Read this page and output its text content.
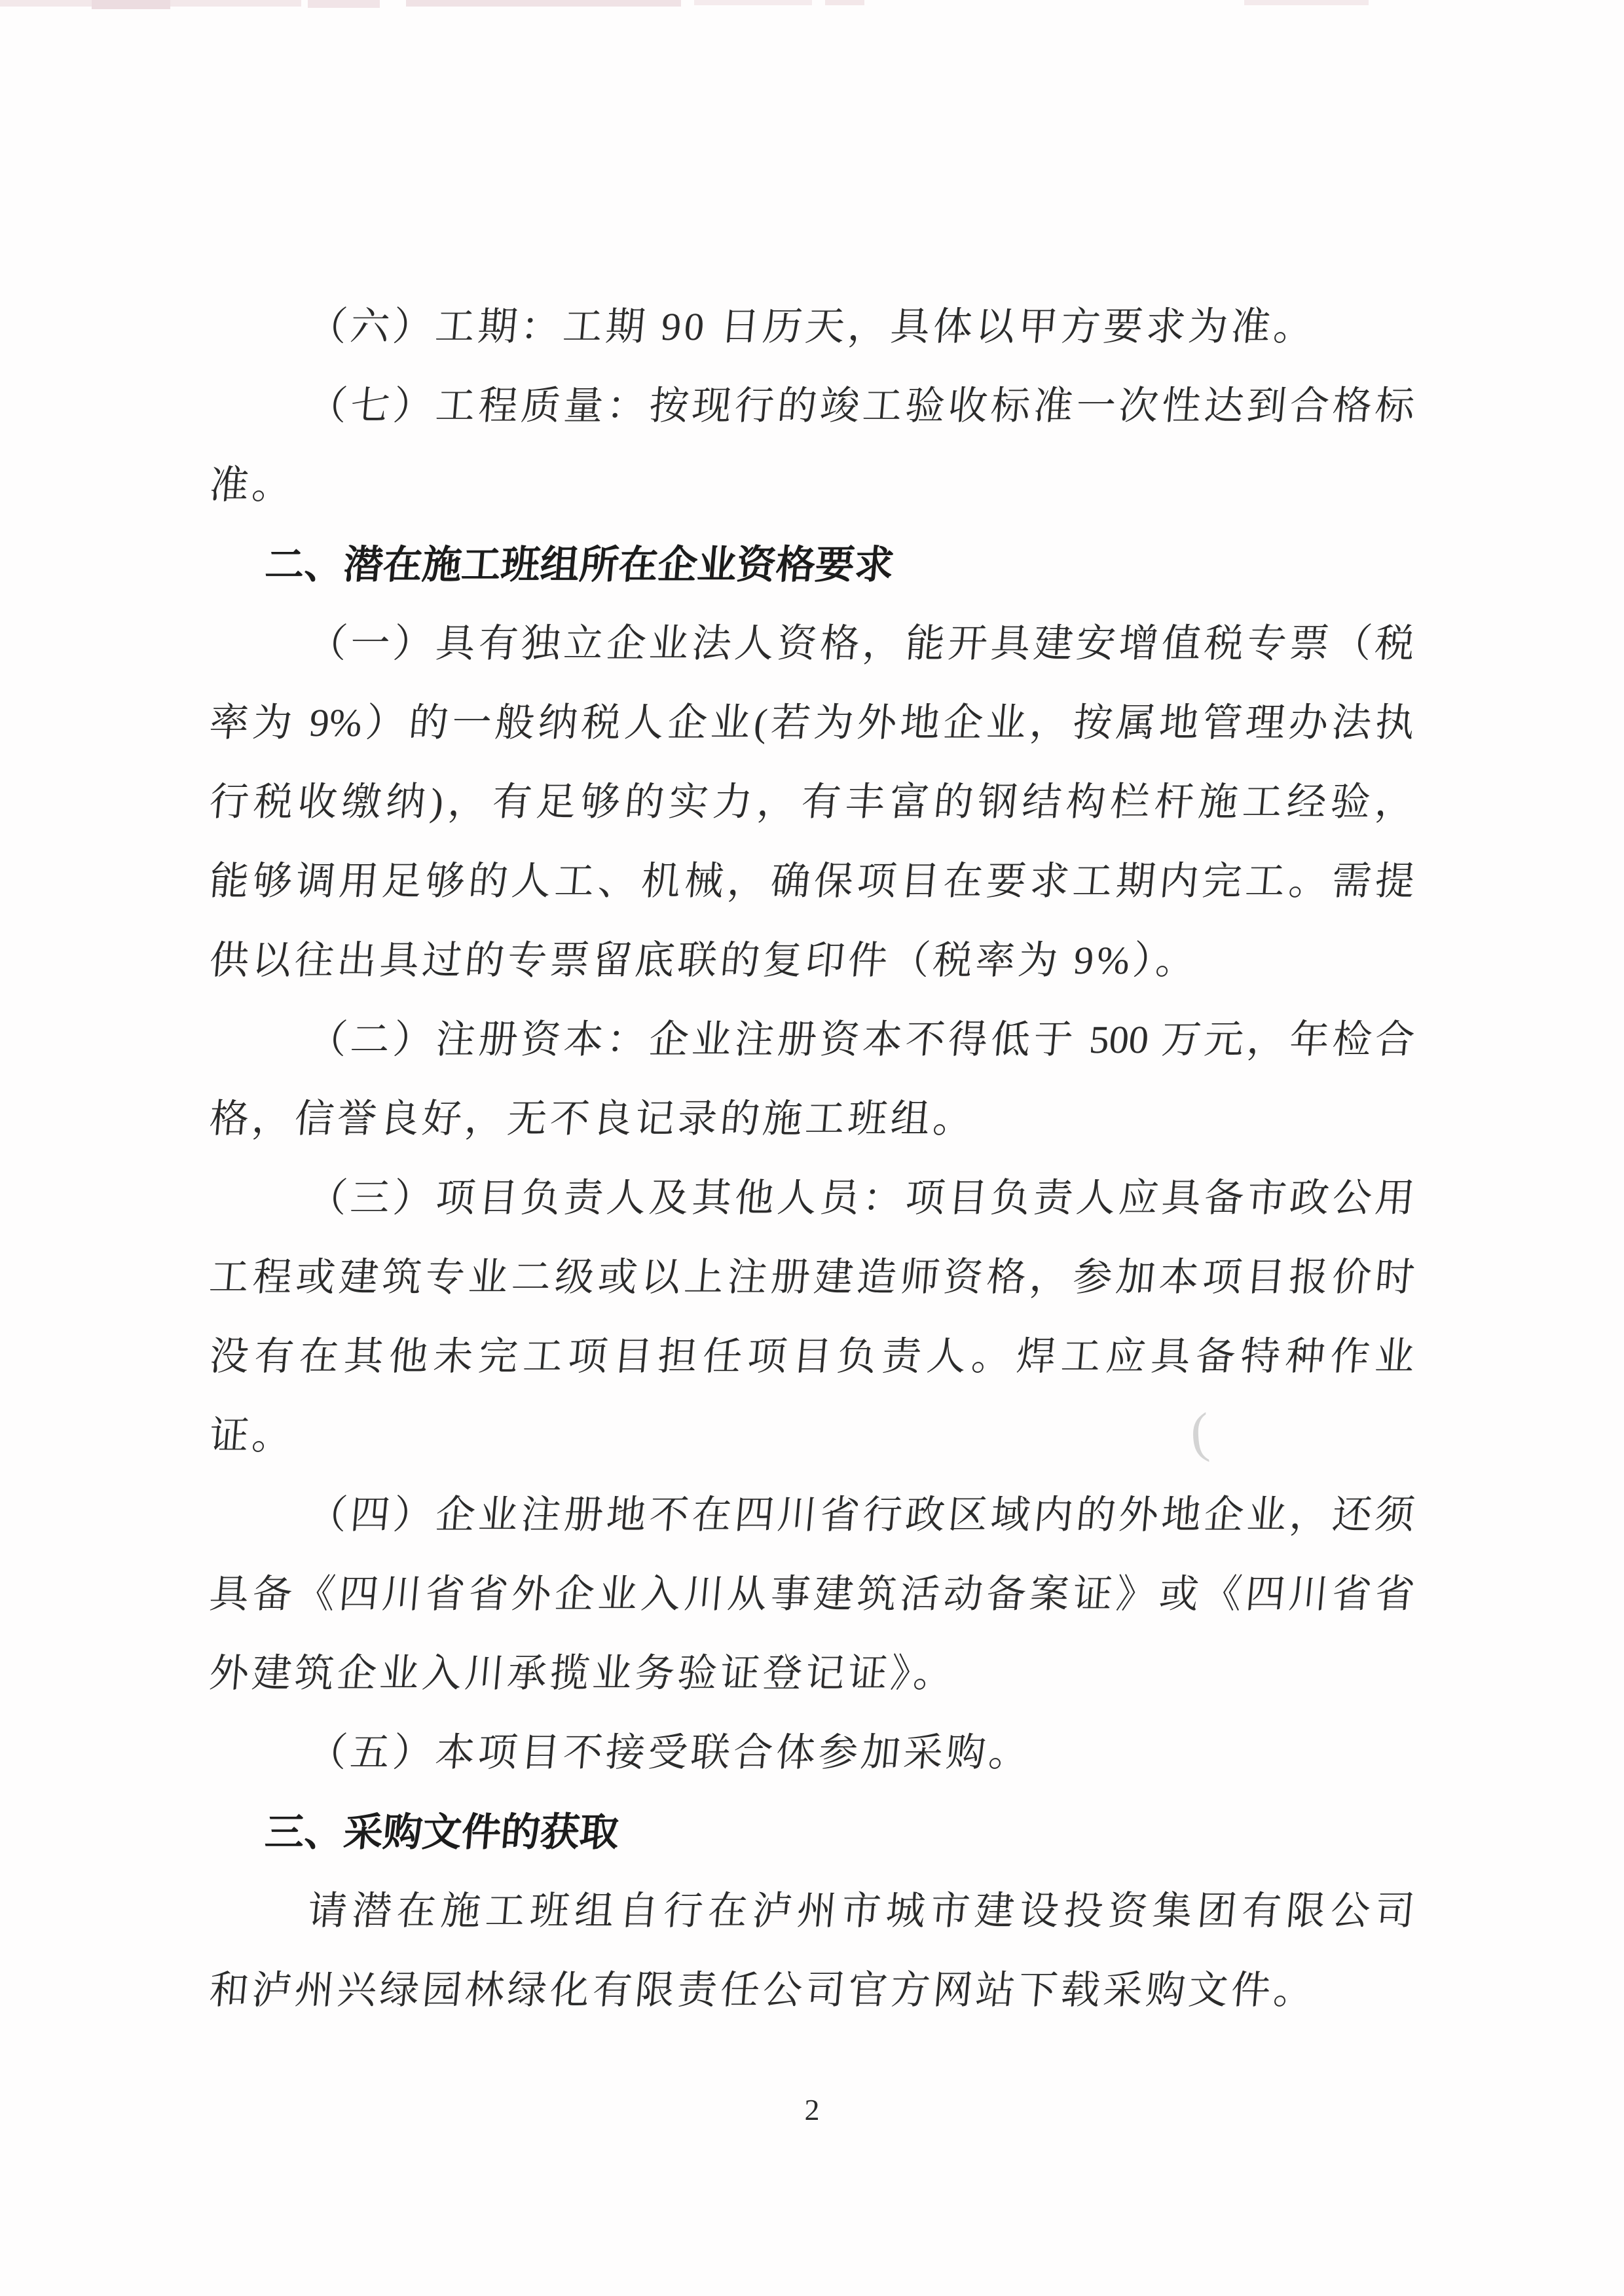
（六）工期：工期 90 日历天，具体以甲方要求为准。
（七）工程质量：按现行的竣工验收标准一次性达到合格标
准。
二、潜在施工班组所在企业资格要求
（一）具有独立企业法人资格，能开具建安增值税专票（税
率为 9%）的一般纳税人企业(若为外地企业，按属地管理办法执
行税收缴纳)，有足够的实力，有丰富的钢结构栏杆施工经验，
能够调用足够的人工、机械，确保项目在要求工期内完工。需提
供以往出具过的专票留底联的复印件（税率为 9%）。
（二）注册资本：企业注册资本不得低于 500 万元，年检合
格，信誉良好，无不良记录的施工班组。
（三）项目负责人及其他人员：项目负责人应具备市政公用
工程或建筑专业二级或以上注册建造师资格，参加本项目报价时
没有在其他未完工项目担任项目负责人。焊工应具备特种作业
证。
（四）企业注册地不在四川省行政区域内的外地企业，还须
具备《四川省省外企业入川从事建筑活动备案证》或《四川省省
外建筑企业入川承揽业务验证登记证》。
（五）本项目不接受联合体参加采购。
三、采购文件的获取
请潜在施工班组自行在泸州市城市建设投资集团有限公司
和泸州兴绿园林绿化有限责任公司官方网站下载采购文件。
(
2
